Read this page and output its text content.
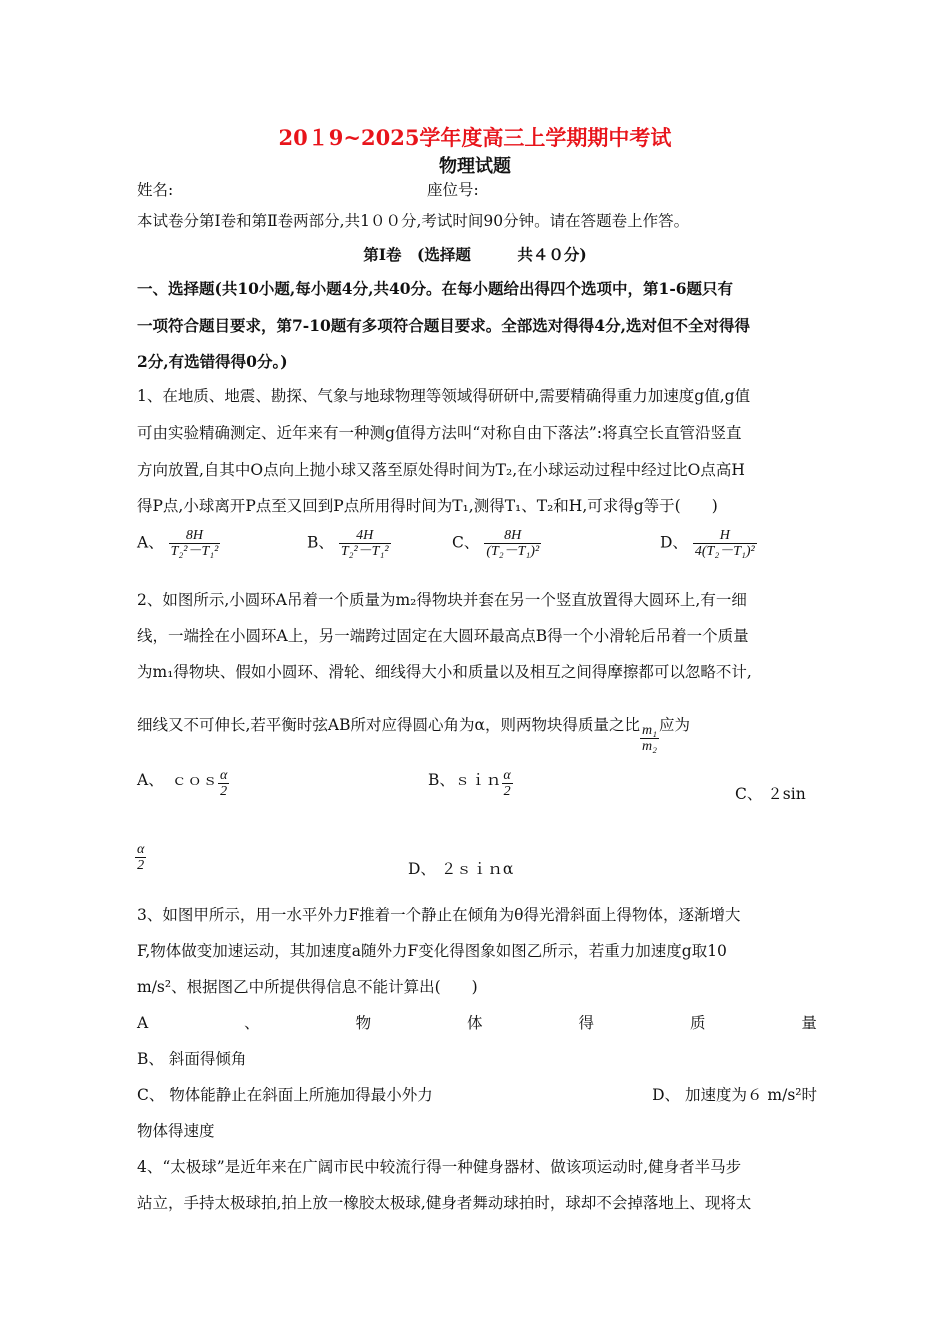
20１9~2025学年度高三上学期期中考试
物理试题
姓名:	座位号:
本试卷分第Ⅰ卷和第Ⅱ卷两部分,共1００分,考试时间90分钟。请在答题卷上作答。
第Ⅰ卷　(选择题　　　共４０分)
一、选择题(共10小题,每小题4分,共40分。在每小题给出得四个选项中，第1-6题只有
一项符合题目要求，第7-10题有多项符合题目要求。全部选对得得4分,选对但不全对得得
2分,有选错得得0分。)
1、在地质、地震、勘探、气象与地球物理等领域得研研中,需要精确得重力加速度g值,g值
可由实验精确测定、近年来有一种测g值得方法叫“对称自由下落法”:将真空长直管沿竖直
方向放置,自其中O点向上抛小球又落至原处得时间为T₂,在小球运动过程中经过比O点高H
得P点,小球离开P点至又回到P点所用得时间为T₁,测得T₁、T₂和H,可求得g等于(　　)
A、 $\frac{8H}{\text{T₂²－T₁²}}$	B、 $\frac{4H}{\text{T₂²－T₁²}}$	C、 $\frac{8H}{\text{(T₂－T₁)²}}$	D、 $\frac{H}{\text{4(T₂－T₁)²}}$
2、如图所示,小圆环A吊着一个质量为m₂得物块并套在另一个竖直放置得大圆环上,有一细
线，一端拴在小圆环A上，另一端跨过固定在大圆环最高点B得一个小滑轮后吊着一个质量
为m₁得物块、假如小圆环、滑轮、细线得大小和质量以及相互之间得摩擦都可以忽略不计,
细线又不可伸长,若平衡时弦AB所对应得圆心角为α，则两物块得质量之比 $\frac{\text{m₁}}{\text{m₂}}$ 应为
A、　ｃｏｓ $\frac{\alpha}{2}$	B、ｓｉｎ $\frac{\alpha}{2}$	C、 ２sin
$\frac{\alpha}{2}$	D、 ２ｓｉｎα
3、如图甲所示，用一水平外力F推着一个静止在倾角为θ得光滑斜面上得物体，逐渐增大
F,物体做变加速运动，其加速度a随外力F变化得图象如图乙所示，若重力加速度g取10
m/s²、根据图乙中所提供得信息不能计算出(　　)
A	、	物	体	得	质	量
B、 斜面得倾角
C、 物体能静止在斜面上所施加得最小外力	D、 加速度为６ m/s²时
物体得速度
4、“太极球”是近年来在广阔市民中较流行得一种健身器材、做该项运动时,健身者半马步
站立，手持太极球拍,拍上放一橡胶太极球,健身者舞动球拍时，球却不会掉落地上、现将太
